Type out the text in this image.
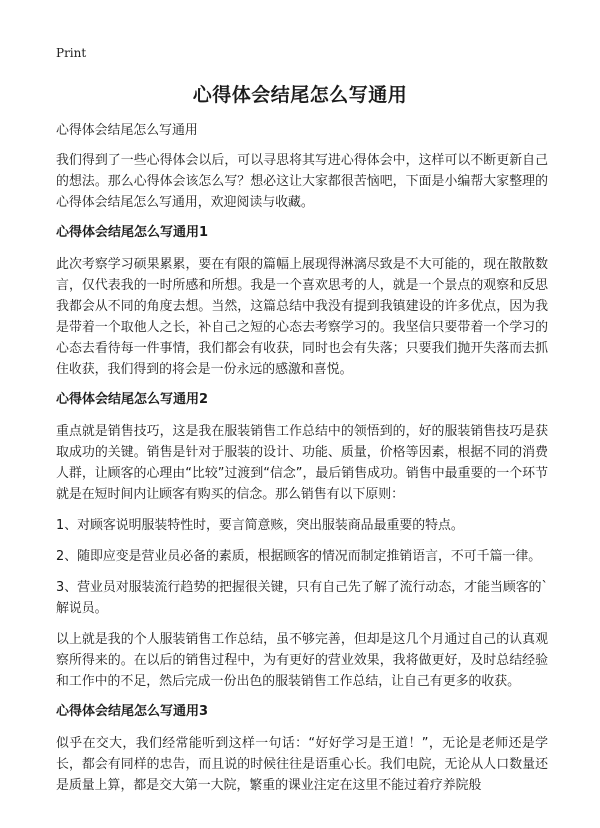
Print
心得体会结尾怎么写通用
心得体会结尾怎么写通用
我们得到了一些心得体会以后，可以寻思将其写进心得体会中，这样可以不断更新自己的想法。那么心得体会该怎么写？想必这让大家都很苦恼吧，下面是小编帮大家整理的心得体会结尾怎么写通用，欢迎阅读与收藏。
心得体会结尾怎么写通用1
此次考察学习硕果累累，要在有限的篇幅上展现得淋漓尽致是不大可能的，现在散散数言，仅代表我的一时所感和所想。我是一个喜欢思考的人，就是一个景点的观察和反思我都会从不同的角度去想。当然，这篇总结中我没有提到我镇建设的许多优点，因为我是带着一个取他人之长，补自己之短的心态去考察学习的。我坚信只要带着一个学习的心态去看待每一件事情，我们都会有收获，同时也会有失落；只要我们抛开失落而去抓住收获，我们得到的将会是一份永远的感激和喜悦。
心得体会结尾怎么写通用2
重点就是销售技巧，这是我在服装销售工作总结中的领悟到的，好的服装销售技巧是获取成功的关键。销售是针对于服装的设计、功能、质量，价格等因素，根据不同的消费人群，让顾客的心理由“比较”过渡到“信念”，最后销售成功。销售中最重要的一个环节就是在短时间内让顾客有购买的信念。那么销售有以下原则：
1、对顾客说明服装特性时，要言简意赅，突出服装商品最重要的特点。
2、随即应变是营业员必备的素质，根据顾客的情况而制定推销语言，不可千篇一律。
3、营业员对服装流行趋势的把握很关键，只有自己先了解了流行动态，才能当顾客的`解说员。
以上就是我的个人服装销售工作总结，虽不够完善，但却是这几个月通过自己的认真观察所得来的。在以后的销售过程中，为有更好的营业效果，我将做更好，及时总结经验和工作中的不足，然后完成一份出色的服装销售工作总结，让自己有更多的收获。
心得体会结尾怎么写通用3
似乎在交大，我们经常能听到这样一句话：“好好学习是王道！”，无论是老师还是学长，都会有同样的忠告，而且说的时候往往是语重心长。我们电院，无论从人口数量还是质量上算，都是交大第一大院，繁重的课业注定在这里不能过着疗养院般
